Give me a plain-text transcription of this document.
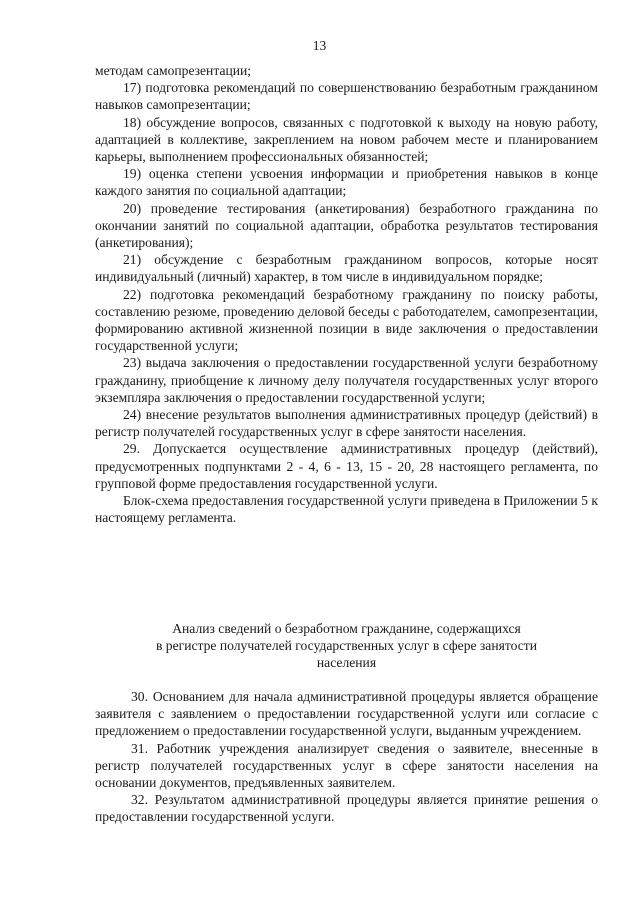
13

методам самопрезентации;

17) подготовка рекомендаций по совершенствованию безработным гражданином навыков самопрезентации;

18) обсуждение вопросов, связанных с подготовкой к выходу на новую работу, адаптацией в коллективе, закреплением на новом рабочем месте и планированием карьеры, выполнением профессиональных обязанностей;

19) оценка степени усвоения информации и приобретения навыков в конце каждого занятия по социальной адаптации;

20) проведение тестирования (анкетирования) безработного гражданина по окончании занятий по социальной адаптации, обработка результатов тестирования (анкетирования);

21) обсуждение с безработным гражданином вопросов, которые носят индивидуальный (личный) характер, в том числе в индивидуальном порядке;

22) подготовка рекомендаций безработному гражданину по поиску работы, составлению резюме, проведению деловой беседы с работодателем, самопрезентации, формированию активной жизненной позиции в виде заключения о предоставлении государственной услуги;

23) выдача заключения о предоставлении государственной услуги безработному гражданину, приобщение к личному делу получателя государственных услуг второго экземпляра заключения о предоставлении государственной услуги;

24) внесение результатов выполнения административных процедур (действий) в регистр получателей государственных услуг в сфере занятости населения.

29. Допускается осуществление административных процедур (действий), предусмотренных подпунктами 2 - 4, 6 - 13, 15 - 20, 28 настоящего регламента, по групповой форме предоставления государственной услуги.

Блок-схема предоставления государственной услуги приведена в Приложении 5 к настоящему регламента.

Анализ сведений о безработном гражданине, содержащихся
в регистре получателей государственных услуг в сфере занятости
населения

30. Основанием для начала административной процедуры является обращение заявителя с заявлением о предоставлении государственной услуги или согласие с предложением о предоставлении государственной услуги, выданным учреждением.

31. Работник учреждения анализирует сведения о заявителе, внесенные в регистр получателей государственных услуг в сфере занятости населения на основании документов, предъявленных заявителем.

32. Результатом административной процедуры является принятие решения о предоставлении государственной услуги.
